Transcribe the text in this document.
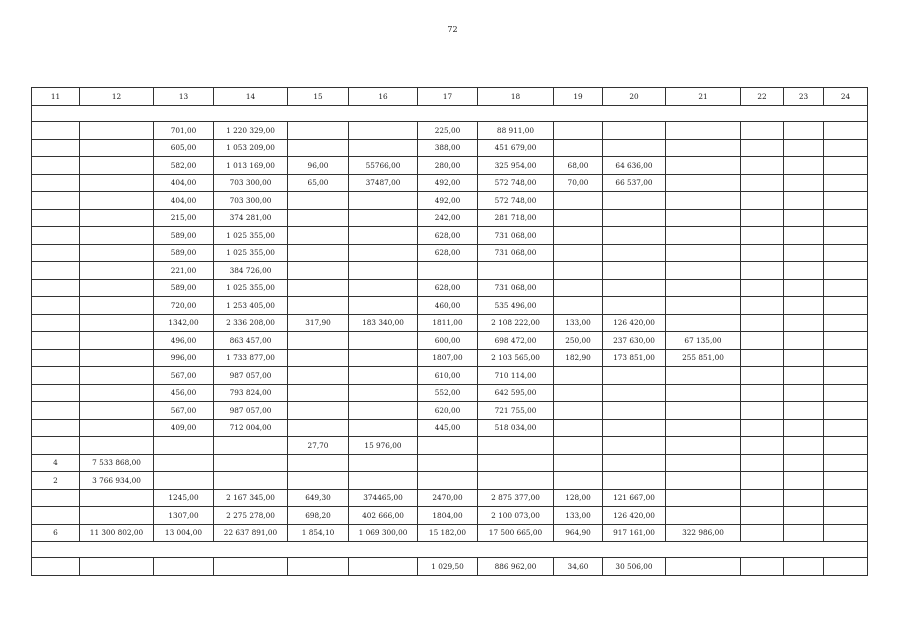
72
11	12	13	14	15	16	17	18	19	20	21	22	23	24

		701,00	1 220 329,00			225,00	88 911,00						
		605,00	1 053 209,00			388,00	451 679,00						
		582,00	1 013 169,00	96,00	55766,00	280,00	325 954,00	68,00	64 636,00				
		404,00	703 300,00	65,00	37487,00	492,00	572 748,00	70,00	66 537,00				
		404,00	703 300,00			492,00	572 748,00						
		215,00	374 281,00			242,00	281 718,00						
		589,00	1 025 355,00			628,00	731 068,00						
		589,00	1 025 355,00			628,00	731 068,00						
		221,00	384 726,00										
		589,00	1 025 355,00			628,00	731 068,00						
		720,00	1 253 405,00			460,00	535 496,00						
		1342,00	2 336 208,00	317,90	183 340,00	1811,00	2 108 222,00	133,00	126 420,00				
		496,00	863 457,00			600,00	698 472,00	250,00	237 630,00	67 135,00			
		996,00	1 733 877,00			1807,00	2 103 565,00	182,90	173 851,00	255 851,00			
		567,00	987 057,00			610,00	710 114,00						
		456,00	793 824,00			552,00	642 595,00						
		567,00	987 057,00			620,00	721 755,00						
		409,00	712 004,00			445,00	518 034,00						
				27,70	15 976,00								
4	7 533 868,00												
2	3 766 934,00												
		1245,00	2 167 345,00	649,30	374465,00	2470,00	2 875 377,00	128,00	121 667,00				
		1307,00	2 275 278,00	698,20	402 666,00	1804,00	2 100 073,00	133,00	126 420,00				
6	11 300 802,00	13 004,00	22 637 891,00	1 854,10	1 069 300,00	15 182,00	17 500 665,00	964,90	917 161,00	322 986,00			

						1 029,50	886 962,00	34,60	30 506,00				
